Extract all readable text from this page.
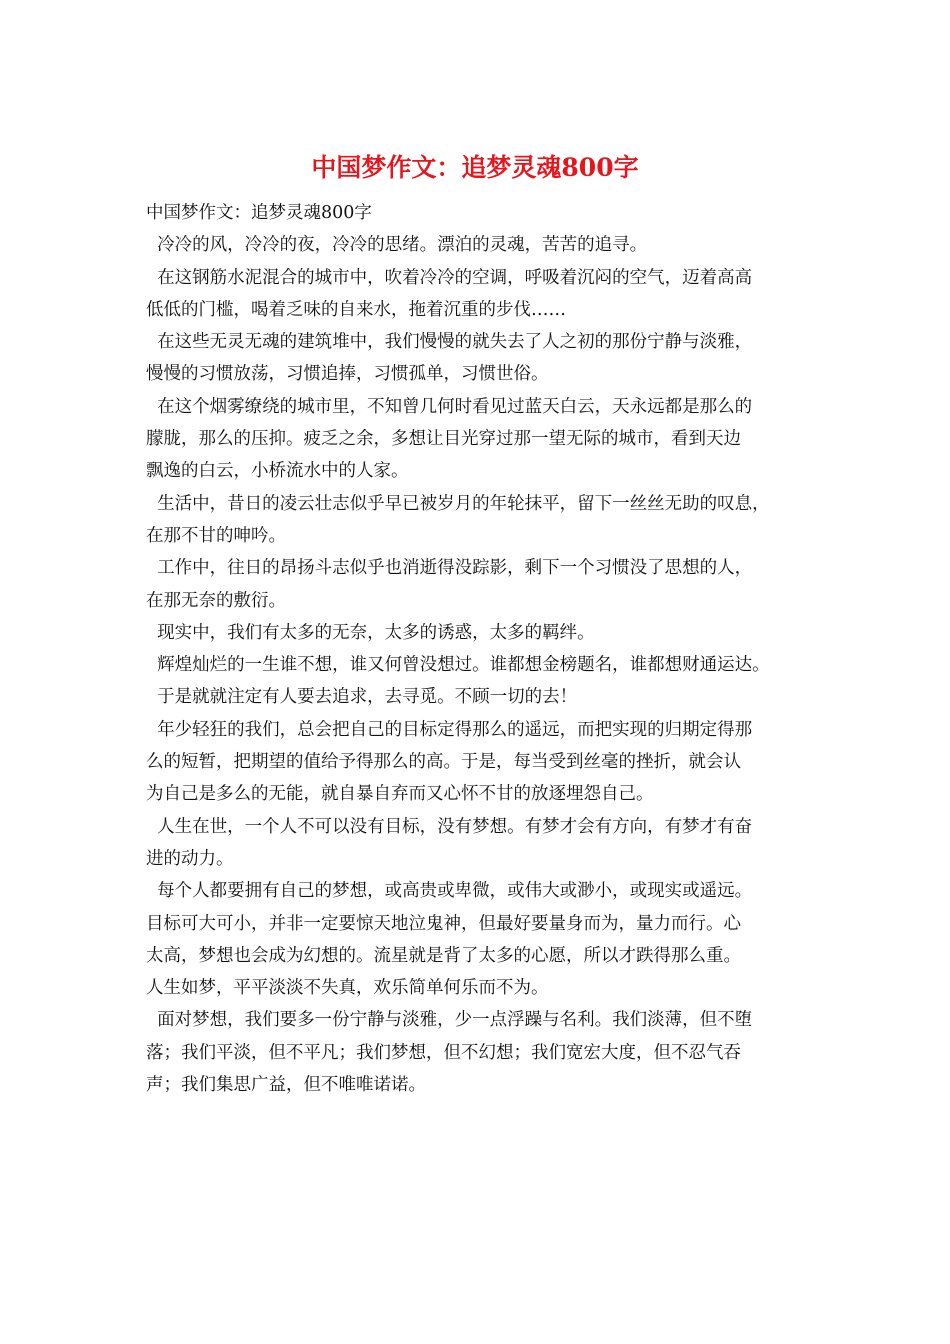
中国梦作文：追梦灵魂800字
中国梦作文：追梦灵魂800字
冷冷的风，冷冷的夜，冷冷的思绪。漂泊的灵魂，苦苦的追寻。
在这钢筋水泥混合的城市中，吹着冷冷的空调，呼吸着沉闷的空气，迈着高高
低低的门槛，喝着乏味的自来水，拖着沉重的步伐……
在这些无灵无魂的建筑堆中，我们慢慢的就失去了人之初的那份宁静与淡雅，
慢慢的习惯放荡，习惯追捧，习惯孤单，习惯世俗。
在这个烟雾缭绕的城市里，不知曾几何时看见过蓝天白云，天永远都是那么的
朦胧，那么的压抑。疲乏之余，多想让目光穿过那一望无际的城市，看到天边
飘逸的白云，小桥流水中的人家。
生活中，昔日的凌云壮志似乎早已被岁月的年轮抹平，留下一丝丝无助的叹息，
在那不甘的呻吟。
工作中，往日的昂扬斗志似乎也消逝得没踪影，剩下一个习惯没了思想的人，
在那无奈的敷衍。
现实中，我们有太多的无奈，太多的诱惑，太多的羁绊。
辉煌灿烂的一生谁不想，谁又何曾没想过。谁都想金榜题名，谁都想财通运达。
于是就就注定有人要去追求，去寻觅。不顾一切的去！
年少轻狂的我们，总会把自己的目标定得那么的遥远，而把实现的归期定得那
么的短暂，把期望的值给予得那么的高。于是，每当受到丝毫的挫折，就会认
为自己是多么的无能，就自暴自弃而又心怀不甘的放逐埋怨自己。
人生在世，一个人不可以没有目标，没有梦想。有梦才会有方向，有梦才有奋
进的动力。
每个人都要拥有自己的梦想，或高贵或卑微，或伟大或渺小，或现实或遥远。
目标可大可小，并非一定要惊天地泣鬼神，但最好要量身而为，量力而行。心
太高，梦想也会成为幻想的。流星就是背了太多的心愿，所以才跌得那么重。
人生如梦，平平淡淡不失真，欢乐简单何乐而不为。
面对梦想，我们要多一份宁静与淡雅，少一点浮躁与名利。我们淡薄，但不堕
落；我们平淡，但不平凡；我们梦想，但不幻想；我们宽宏大度，但不忍气吞
声；我们集思广益，但不唯唯诺诺。
